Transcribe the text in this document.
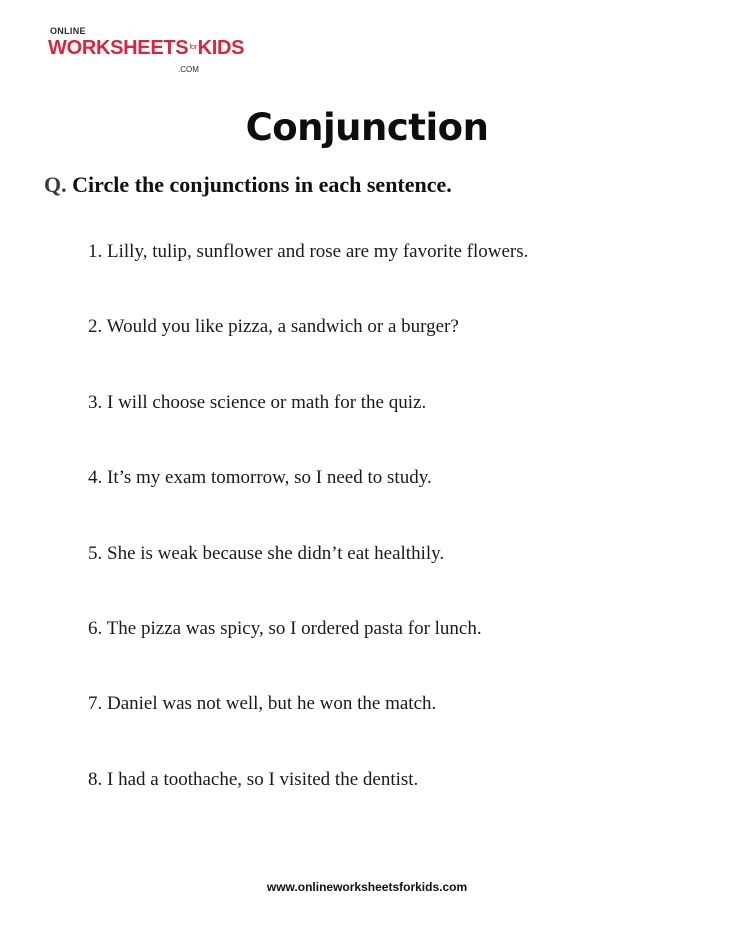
ONLINE
$WORKSHEETS^{for}KIDS$
.COM
Conjunction
Q. Circle the conjunctions in each sentence.
1. Lilly, tulip, sunflower and rose are my favorite flowers.
2. Would you like pizza, a sandwich or a burger?
3. I will choose science or math for the quiz.
4. It’s my exam tomorrow, so I need to study.
5. She is weak because she didn’t eat healthily.
6. The pizza was spicy, so I ordered pasta for lunch.
7. Daniel was not well, but he won the match.
8. I had a toothache, so I visited the dentist.
www.onlineworksheetsforkids.com
